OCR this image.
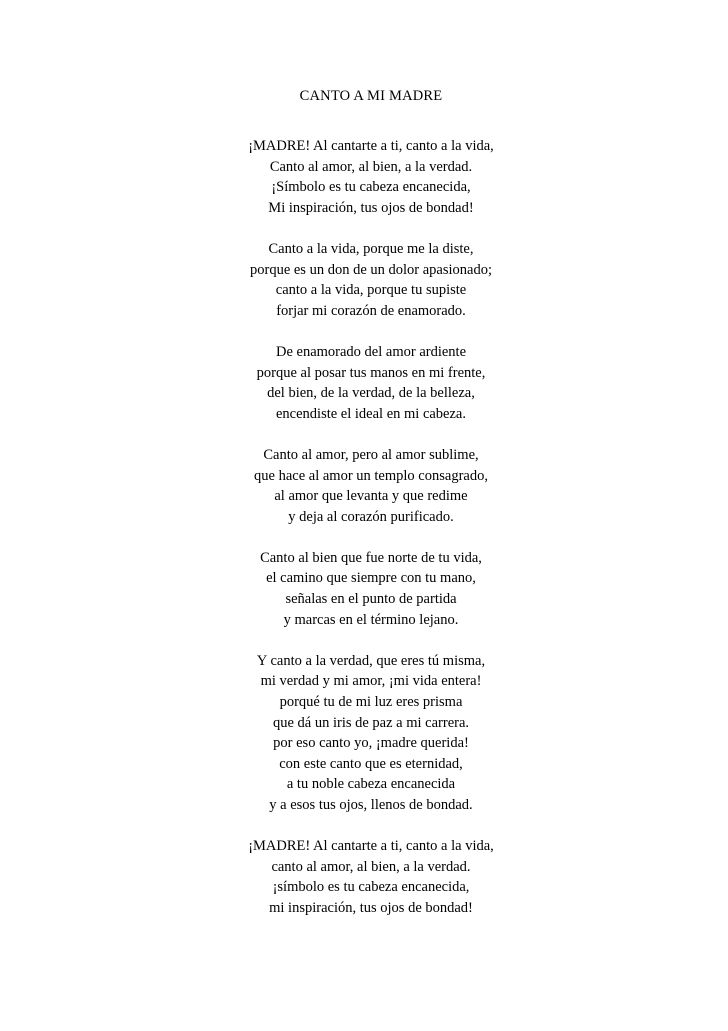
CANTO A MI MADRE
¡MADRE! Al cantarte a ti, canto a la vida,
Canto al amor, al bien, a la verdad.
¡Símbolo es tu cabeza encanecida,
Mi inspiración, tus ojos de bondad!
Canto a la vida, porque me la diste,
porque es un don de un dolor apasionado;
canto a la vida, porque tu supiste
forjar mi corazón de enamorado.
De enamorado del amor ardiente
porque al posar tus manos en mi frente,
del bien, de la verdad, de la belleza,
encendiste el ideal en mi cabeza.
Canto al amor, pero al amor sublime,
que hace al amor un templo consagrado,
al amor que levanta y que redime
y deja al corazón purificado.
Canto al bien que fue norte de tu vida,
el camino que siempre con tu mano,
señalas en el punto de partida
y marcas en el término lejano.
Y canto a la verdad, que eres tú misma,
mi verdad y mi amor, ¡mi vida entera!
porqué tu de mi luz eres prisma
que dá un iris de paz a mi carrera.
por eso canto yo, ¡madre querida!
con este canto que es eternidad,
a tu noble cabeza encanecida
y a esos tus ojos, llenos de bondad.
¡MADRE! Al cantarte a ti, canto a la vida,
canto al amor, al bien, a la verdad.
¡símbolo es tu cabeza encanecida,
mi inspiración, tus ojos de bondad!
